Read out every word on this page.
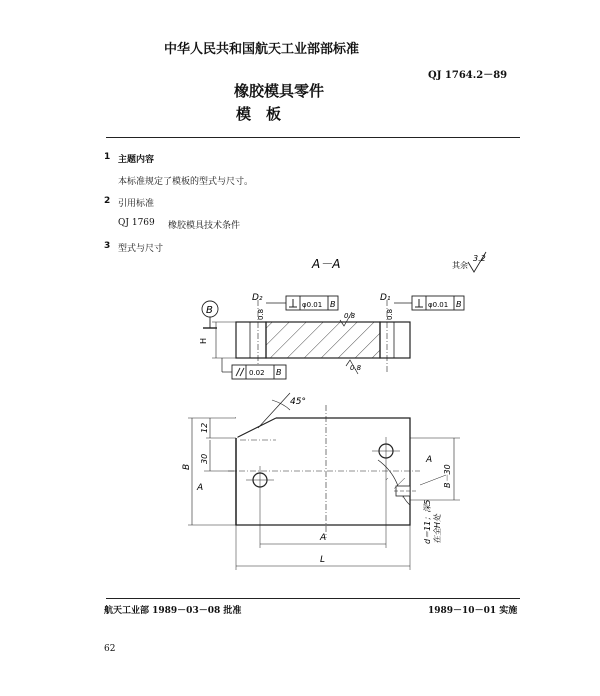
中华人民共和国航天工业部部标准
QJ 1764.2－89
橡胶模具零件
模　板
1 主题内容
本标准规定了模板的型式与尺寸。
2 引用标准
QJ 1769 橡胶模具技术条件
3 型式与尺寸
A－A	其余
3.2
H
B
D₂	D₁
φ0.01 B	φ0.01 B
0.8	0.8	0.8
0.8
0.02 B
45°
12
30
B
A	B－30
A
d＝11；深5 在全H处
A
L
航天工业部 1989－03－08 批准	1989－10－01 实施
62
